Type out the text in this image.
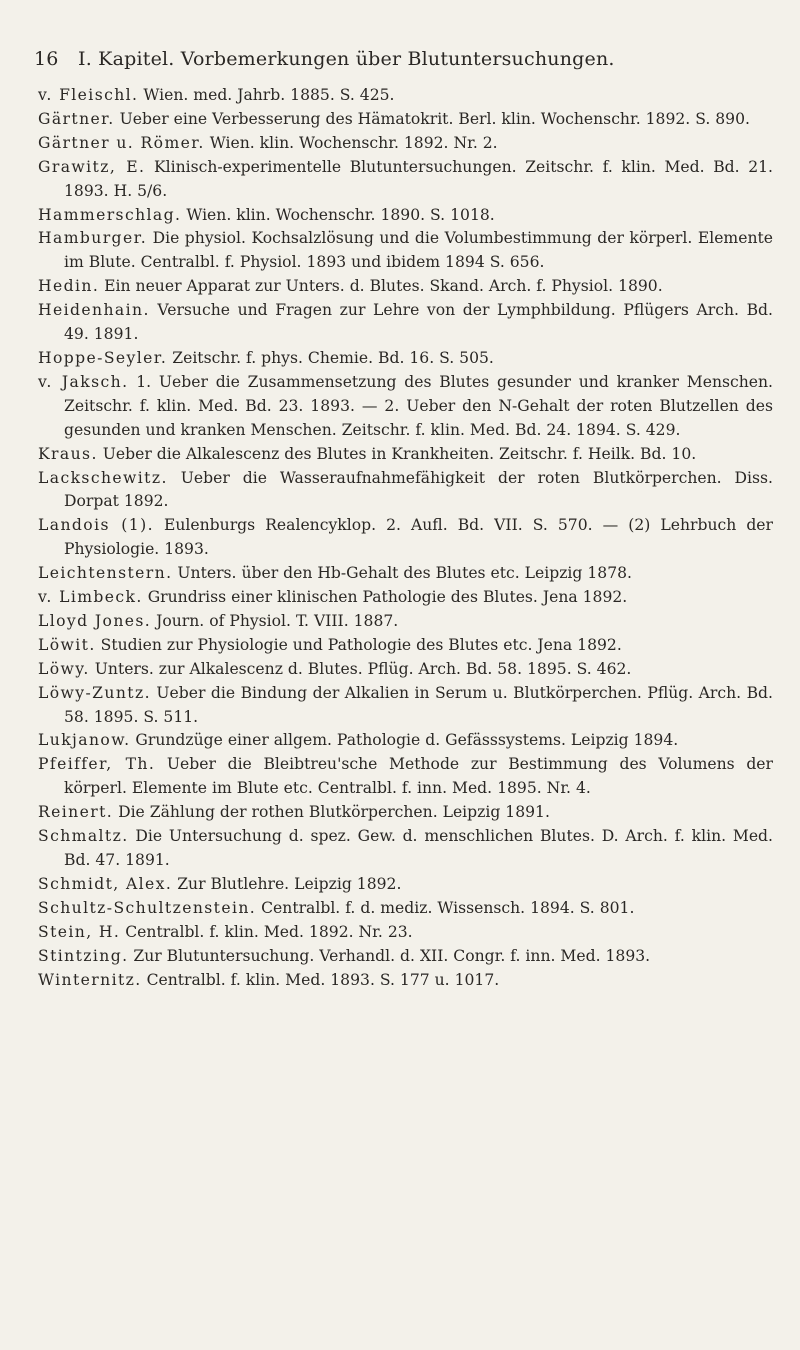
16 I. Kapitel. Vorbemerkungen über Blutuntersuchungen.
v. Fleischl. Wien. med. Jahrb. 1885. S. 425.
Gärtner. Ueber eine Verbesserung des Hämatokrit. Berl. klin. Wochenschr. 1892. S. 890.
Gärtner u. Römer. Wien. klin. Wochenschr. 1892. Nr. 2.
Grawitz, E. Klinisch-experimentelle Blutuntersuchungen. Zeitschr. f. klin. Med. Bd. 21. 1893. H. 5/6.
Hammerschlag. Wien. klin. Wochenschr. 1890. S. 1018.
Hamburger. Die physiol. Kochsalzlösung und die Volumbestimmung der körperl. Elemente im Blute. Centralbl. f. Physiol. 1893 und ibidem 1894 S. 656.
Hedin. Ein neuer Apparat zur Unters. d. Blutes. Skand. Arch. f. Physiol. 1890.
Heidenhain. Versuche und Fragen zur Lehre von der Lymphbildung. Pflügers Arch. Bd. 49. 1891.
Hoppe-Seyler. Zeitschr. f. phys. Chemie. Bd. 16. S. 505.
v. Jaksch. 1. Ueber die Zusammensetzung des Blutes gesunder und kranker Menschen. Zeitschr. f. klin. Med. Bd. 23. 1893. — 2. Ueber den N-Gehalt der roten Blutzellen des gesunden und kranken Menschen. Zeitschr. f. klin. Med. Bd. 24. 1894. S. 429.
Kraus. Ueber die Alkalescenz des Blutes in Krankheiten. Zeitschr. f. Heilk. Bd. 10.
Lackschewitz. Ueber die Wasseraufnahmefähigkeit der roten Blutkörperchen. Diss. Dorpat 1892.
Landois (1). Eulenburgs Realencyklop. 2. Aufl. Bd. VII. S. 570. — (2) Lehrbuch der Physiologie. 1893.
Leichtenstern. Unters. über den Hb-Gehalt des Blutes etc. Leipzig 1878.
v. Limbeck. Grundriss einer klinischen Pathologie des Blutes. Jena 1892.
Lloyd Jones. Journ. of Physiol. T. VIII. 1887.
Löwit. Studien zur Physiologie und Pathologie des Blutes etc. Jena 1892.
Löwy. Unters. zur Alkalescenz d. Blutes. Pflüg. Arch. Bd. 58. 1895. S. 462.
Löwy-Zuntz. Ueber die Bindung der Alkalien in Serum u. Blutkörperchen. Pflüg. Arch. Bd. 58. 1895. S. 511.
Lukjanow. Grundzüge einer allgem. Pathologie d. Gefässsystems. Leipzig 1894.
Pfeiffer, Th. Ueber die Bleibtreu'sche Methode zur Bestimmung des Volumens der körperl. Elemente im Blute etc. Centralbl. f. inn. Med. 1895. Nr. 4.
Reinert. Die Zählung der rothen Blutkörperchen. Leipzig 1891.
Schmaltz. Die Untersuchung d. spez. Gew. d. menschlichen Blutes. D. Arch. f. klin. Med. Bd. 47. 1891.
Schmidt, Alex. Zur Blutlehre. Leipzig 1892.
Schultz-Schultzenstein. Centralbl. f. d. mediz. Wissensch. 1894. S. 801.
Stein, H. Centralbl. f. klin. Med. 1892. Nr. 23.
Stintzing. Zur Blutuntersuchung. Verhandl. d. XII. Congr. f. inn. Med. 1893.
Winternitz. Centralbl. f. klin. Med. 1893. S. 177 u. 1017.
